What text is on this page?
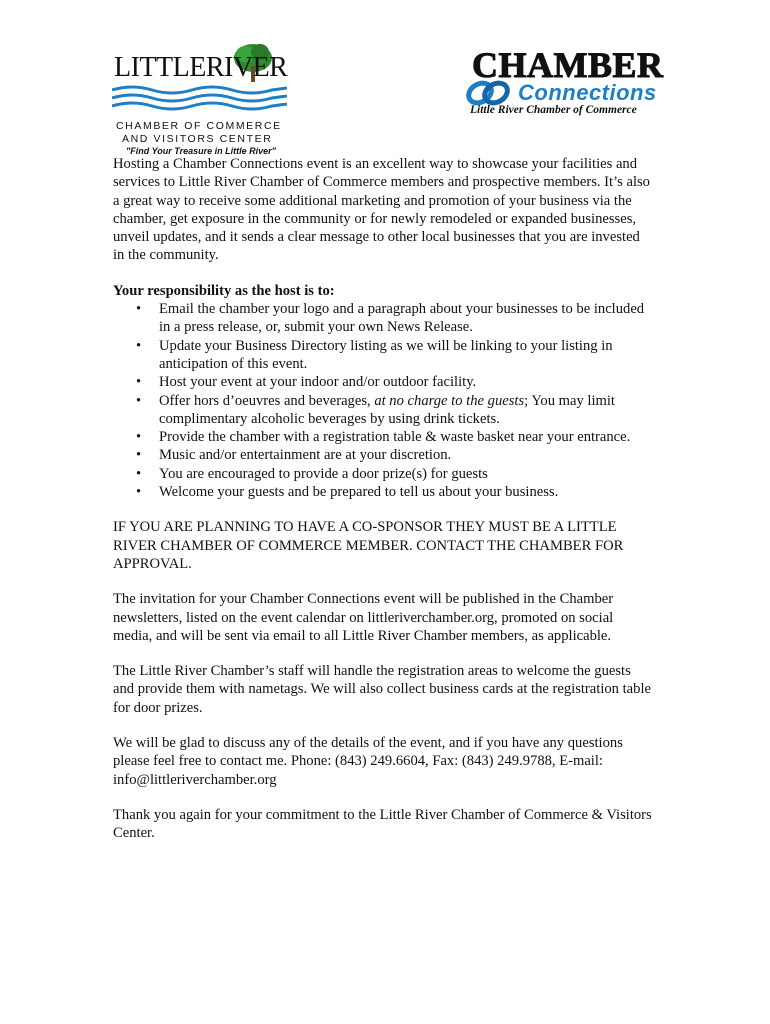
LITTLERIVER
CHAMBER OF COMMERCE
AND VISITORS CENTER
"Find Your Treasure in Little River"
CHAMBER
Connections
Little River Chamber of Commerce

Hosting a Chamber Connections event is an excellent way to showcase your facilities and services to Little River Chamber of Commerce members and prospective members. It’s also a great way to receive some additional marketing and promotion of your business via the chamber, get exposure in the community or for newly remodeled or expanded businesses, unveil updates, and it sends a clear message to other local businesses that you are invested in the community.

Your responsibility as the host is to:

• Email the chamber your logo and a paragraph about your businesses to be included in a press release, or, submit your own News Release.
• Update your Business Directory listing as we will be linking to your listing in anticipation of this event.
• Host your event at your indoor and/or outdoor facility.
• Offer hors d’oeuvres and beverages, at no charge to the guests; You may limit complimentary alcoholic beverages by using drink tickets.
• Provide the chamber with a registration table & waste basket near your entrance.
• Music and/or entertainment are at your discretion.
• You are encouraged to provide a door prize(s) for guests
• Welcome your guests and be prepared to tell us about your business.

IF YOU ARE PLANNING TO HAVE A CO-SPONSOR THEY MUST BE A LITTLE RIVER CHAMBER OF COMMERCE MEMBER. CONTACT THE CHAMBER FOR APPROVAL.

The invitation for your Chamber Connections event will be published in the Chamber newsletters, listed on the event calendar on littleriverchamber.org, promoted on social media, and will be sent via email to all Little River Chamber members, as applicable.

The Little River Chamber’s staff will handle the registration areas to welcome the guests and provide them with nametags. We will also collect business cards at the registration table for door prizes.

We will be glad to discuss any of the details of the event, and if you have any questions please feel free to contact me. Phone: (843) 249.6604, Fax: (843) 249.9788, E-mail: info@littleriverchamber.org

Thank you again for your commitment to the Little River Chamber of Commerce & Visitors Center.
